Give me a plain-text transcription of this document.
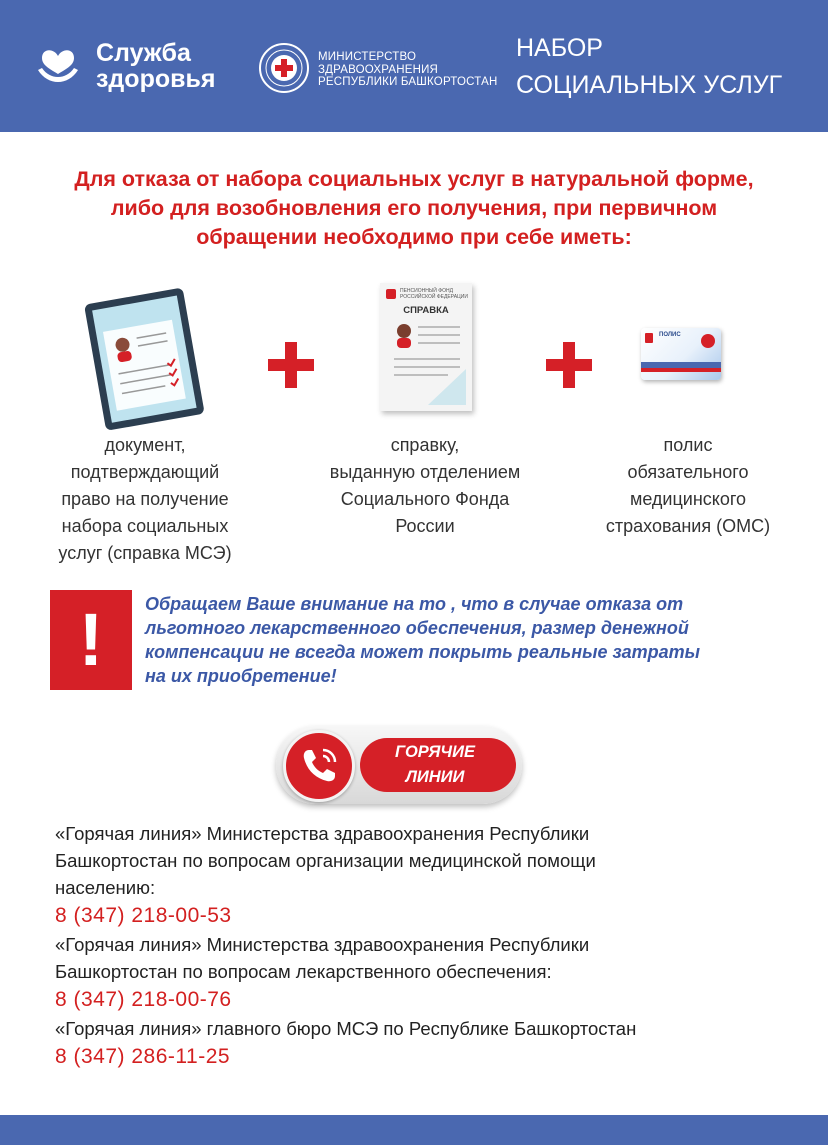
Служба
здоровья
МИНИСТЕРСТВО
ЗДРАВООХРАНЕНИЯ
РЕСПУБЛИКИ БАШКОРТОСТАН
НАБОР
СОЦИАЛЬНЫХ УСЛУГ
Для отказа от набора социальных услуг в натуральной форме,
либо для возобновления его получения, при первичном
обращении необходимо при себе иметь:
документ,
подтверждающий
право на получение
набора социальных
услуг (справка МСЭ)
ПЕНСИОННЫЙ ФОНД РОССИЙСКОЙ ФЕДЕРАЦИИ
СПРАВКА
справку,
выданную отделением
Социального Фонда
России
ПОЛИС
полис
обязательного
медицинского
страхования (ОМС)
!	Обращаем Ваше внимание на то , что в случае отказа от
льготного лекарственного обеспечения, размер денежной
компенсации не всегда может покрыть реальные затраты
на их приобретение!
ГОРЯЧИЕ
ЛИНИИ
«Горячая линия» Министерства здравоохранения Республики
Башкортостан по вопросам организации медицинской помощи
населению:
8 (347) 218-00-53
«Горячая линия» Министерства здравоохранения Республики
Башкортостан по вопросам лекарственного обеспечения:
8 (347) 218-00-76
«Горячая линия» главного бюро МСЭ по Республике Башкортостан
8 (347) 286-11-25
